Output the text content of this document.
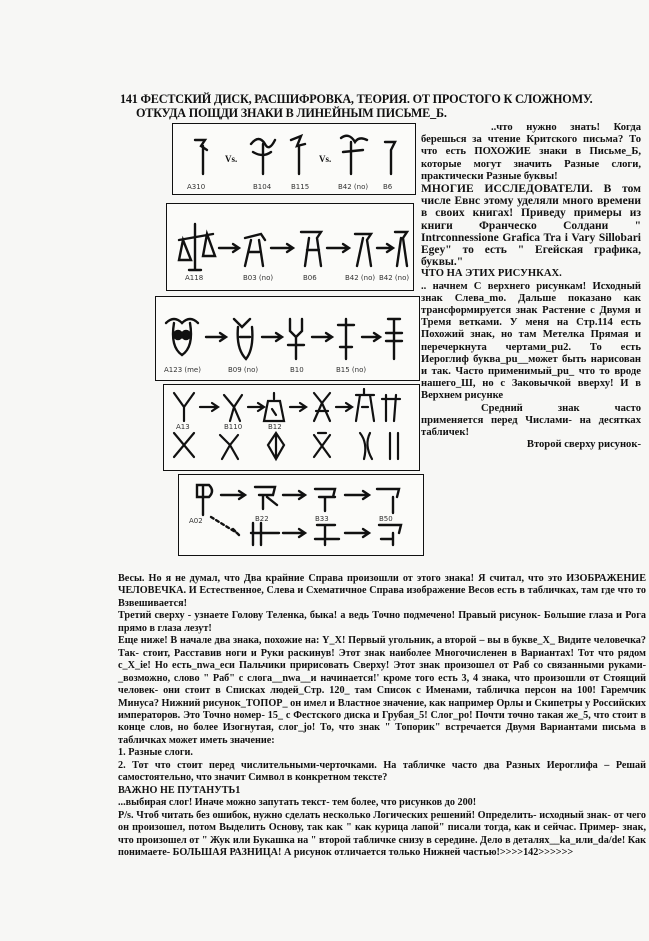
141 ФЕСТСКИЙ ДИСК, РАСШИФРОВКА, ТЕОРИЯ. ОТ ПРОСТОГО К СЛОЖНОМУ.
ОТКУДА ПОЩДИ ЗНАКИ В ЛИНЕЙНЫМ ПИСЬМЕ_Б.
Vs.	Vs.
A310	B104	B115	B42 (no) B6
A118	B03 (no)	B06	B42 (no) B42 (no)
A123 (me)	B09 (no)	B10	B15 (no)
A13	B110	B12
A02	B22	B33	B50

..что нужно знать! Когда берешься за чтение Критского письма? То что есть ПОХОЖИЕ знаки в Письме_Б, которые могут значить Разные слоги, практически Разные буквы!

МНОГИЕ ИССЛЕДОВАТЕЛИ. В том числе Евнс этому уделяли много времени в своих книгах! Приведу примеры из книги Франческо Солдани " Intrconnessione Grafica Tra i Vary Sillobari Egey" то есть " Егейская графика, буквы."

ЧТО НА ЭТИХ РИСУНКАХ.

.. начнем С верхнего рисункам! Исходный знак Слева_mo. Дальше показано как трансформируется знак Растение с Двумя и Тремя ветками. У меня на Стр.114 есть Похожий знак, но там Метелка Прямая и перечеркнута чертами_pu2. То есть Иероглиф буква_pu__может быть нарисован и так. Часто применимый_pu_ что то вроде нашего_Ш, но с Заковычкой вверху! И в Верхнем рисунке

Средний знак часто применяется перед Числами- на десятках табличек!

Второй сверху рисунок-

Весы. Но я не думал, что Два крайние Справа произошли от этого знака! Я считал, что это ИЗОБРАЖЕНИЕ ЧЕЛОВЕЧКА. И Естественное, Слева и Схематичное Справа изображение Весов есть в табличках, там где что то Взвешивается!

Третий сверху - узнаете Голову Теленка, быка! а ведь Точно подмечено! Правый рисунок- Большие глаза и Рога прямо в глаза лезут!

Еще ниже! В начале два знака, похожие на: Y_X! Первый угольник, а второй – вы в букве_X_ Видите человечка? Так- стоит, Расставив ноги и Руки раскинув! Этот знак наиболее Многочисленен в Вариантах! Тот что рядом с_X_ie! Но есть_nwa_eси Пальчики пририсовать Сверху! Этот знак произошел от Раб со связанными руками-_возможно, слово " Раб" с слога__nwa__и начинается!' кроме того есть 3, 4 знака, что произошли от Стоящий человек- они стоит в Списках людей_Стр. 120_ там Список с Именами, табличка персон на 100! Гаремчик Минуса? Нижний рисунок_ТОПОР_ он имел и Властное значение, как например Орлы и Скипетры у Российских императоров. Это Точно номер- 15_ с Фестского диска и Грубая_5! Слог_ро! Почти точно такая же_5, что стоит в конце слов, но более Изогнутая, слог_jo! То, что знак " Топорик" встречается Двумя Вариантами письма в табличках может иметь значение:

1. Разные слоги.

2. Тот что стоит перед числительными-черточками. На табличке часто два Разных Иероглифа – Решай самостоятельно, что значит Символ в конкретном тексте?

ВАЖНО НЕ ПУТАНУТЬ1

...выбирая слог! Иначе можно запутать текст- тем более, что рисунков до 200!

P/s. Чтоб читать без ошибок, нужно сделать несколько Логических решений! Определить- исходный знак- от чего он произошел, потом Выделить Основу, так как " как курица лапой" писали тогда, как и сейчас. Пример- знак, что произошел от " Жук или Букашка на " второй табличке снизу в середине. Дело в деталях__ka_или_da/de! Как понимаете- БОЛЬШАЯ РАЗНИЦА! А рисунок отличается только Нижней частью!>>>>142>>>>>>
